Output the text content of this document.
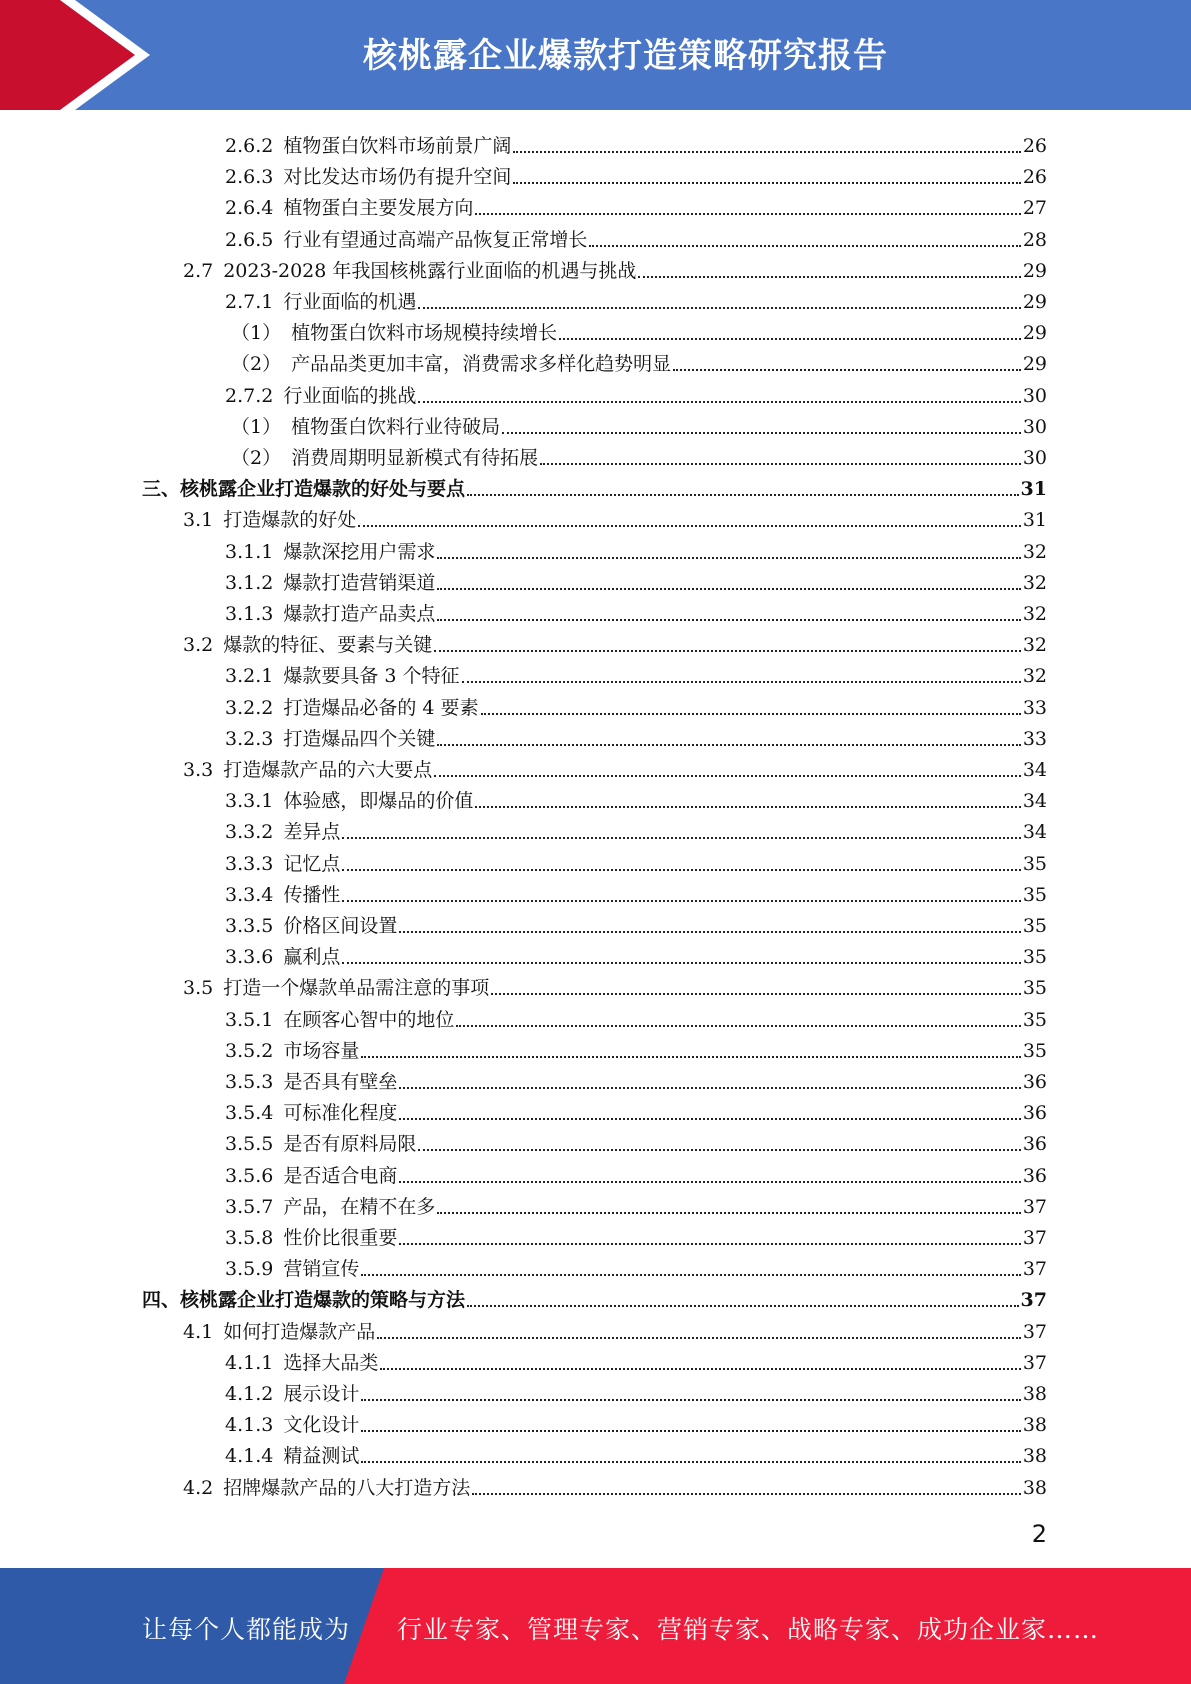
核桃露企业爆款打造策略研究报告
2.6.2 植物蛋白饮料市场前景广阔	26
2.6.3 对比发达市场仍有提升空间	26
2.6.4 植物蛋白主要发展方向	27
2.6.5 行业有望通过高端产品恢复正常增长	28
2.7 2023-2028 年我国核桃露行业面临的机遇与挑战	29
2.7.1 行业面临的机遇	29
（1） 植物蛋白饮料市场规模持续增长	29
（2） 产品品类更加丰富，消费需求多样化趋势明显	29
2.7.2 行业面临的挑战	30
（1） 植物蛋白饮料行业待破局	30
（2） 消费周期明显新模式有待拓展	30
三、 核桃露企业打造爆款的好处与要点	31
3.1 打造爆款的好处	31
3.1.1 爆款深挖用户需求	32
3.1.2 爆款打造营销渠道	32
3.1.3 爆款打造产品卖点	32
3.2 爆款的特征、要素与关键	32
3.2.1 爆款要具备 3 个特征	32
3.2.2 打造爆品必备的 4 要素	33
3.2.3 打造爆品四个关键	33
3.3 打造爆款产品的六大要点	34
3.3.1 体验感，即爆品的价值	34
3.3.2 差异点	34
3.3.3 记忆点	35
3.3.4 传播性	35
3.3.5 价格区间设置	35
3.3.6 赢利点	35
3.5 打造一个爆款单品需注意的事项	35
3.5.1 在顾客心智中的地位	35
3.5.2 市场容量	35
3.5.3 是否具有壁垒	36
3.5.4 可标准化程度	36
3.5.5 是否有原料局限	36
3.5.6 是否适合电商	36
3.5.7 产品，在精不在多	37
3.5.8 性价比很重要	37
3.5.9 营销宣传	37
四、 核桃露企业打造爆款的策略与方法	37
4.1 如何打造爆款产品	37
4.1.1 选择大品类	37
4.1.2 展示设计	38
4.1.3 文化设计	38
4.1.4 精益测试	38
4.2 招牌爆款产品的八大打造方法	38
2
让每个人都能成为 行业专家、管理专家、营销专家、战略专家、成功企业家……
